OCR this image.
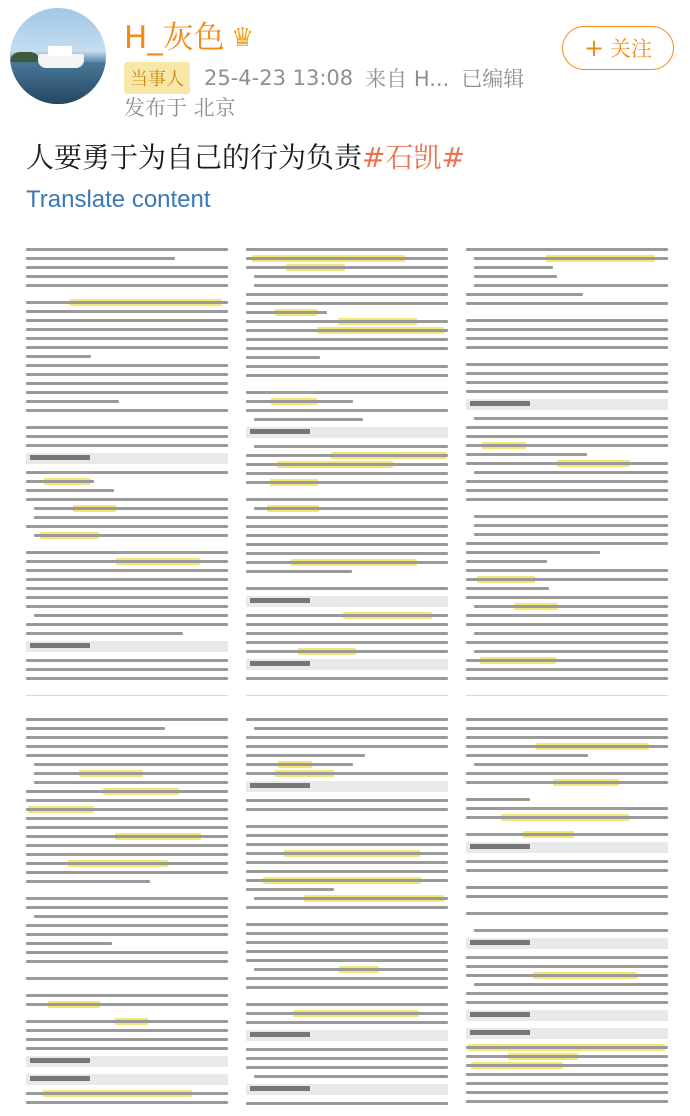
H_灰色 ♛
当事人 25-4-23 13:08 来自 H... 已编辑
发布于 北京
+ 关注
人要勇于为自己的行为负责#石凯#
Translate content
